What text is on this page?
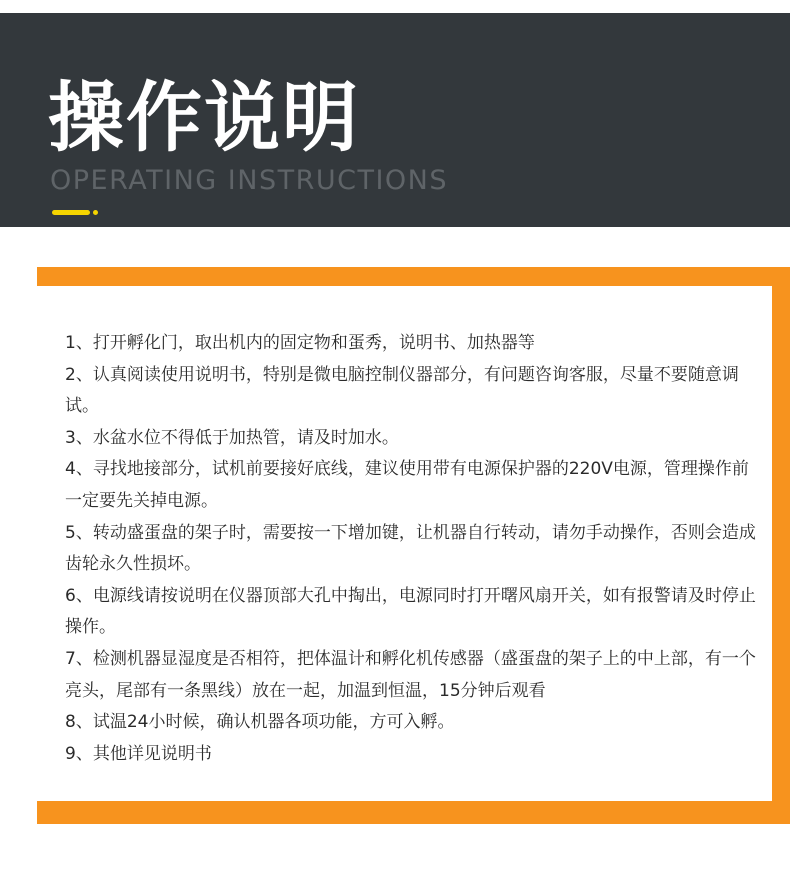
操作说明
OPERATING INSTRUCTIONS
1、打开孵化门，取出机内的固定物和蛋秀，说明书、加热器等
2、认真阅读使用说明书，特别是微电脑控制仪器部分，有问题咨询客服，尽量不要随意调试。
3、水盆水位不得低于加热管，请及时加水。
4、寻找地接部分，试机前要接好底线，建议使用带有电源保护器的220V电源，管理操作前一定要先关掉电源。
5、转动盛蛋盘的架子时，需要按一下增加键，让机器自行转动，请勿手动操作，否则会造成齿轮永久性损坏。
6、电源线请按说明在仪器顶部大孔中掏出，电源同时打开曙风扇开关，如有报警请及时停止操作。
7、检测机器显湿度是否相符，把体温计和孵化机传感器（盛蛋盘的架子上的中上部，有一个亮头，尾部有一条黑线）放在一起，加温到恒温，15分钟后观看
8、试温24小时候，确认机器各项功能，方可入孵。
9、其他详见说明书
